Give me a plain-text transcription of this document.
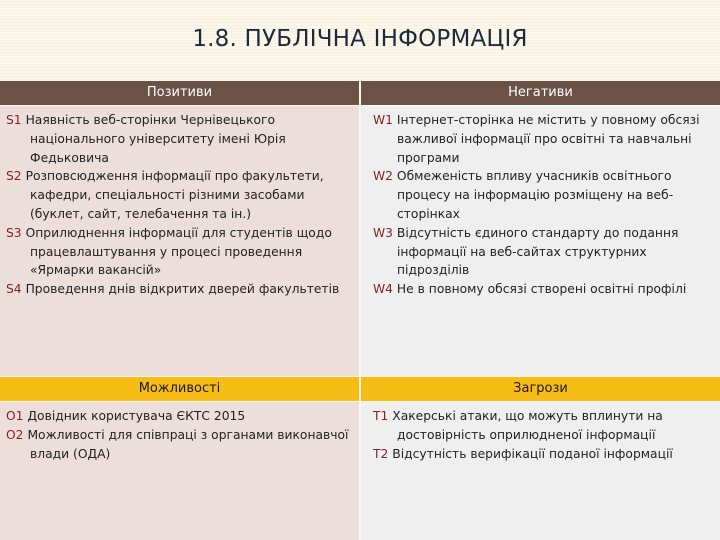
1.8. ПУБЛІЧНА ІНФОРМАЦІЯ
Позитиви	Негативи
S1 Наявність веб-сторінки Чернівецького національного університету імені Юрія Федьковича
S2 Розповсюдження інформації про факультети, кафедри, спеціальності різними засобами (буклет, сайт, телебачення та ін.)
S3 Оприлюднення інформації для студентів щодо працевлаштування у процесі проведення «Ярмарки вакансій»
S4 Проведення днів відкритих дверей факультетів
W1 Інтернет-сторінка не містить у повному обсязі важливої інформації про освітні та навчальні програми
W2 Обмеженість впливу учасників освітнього процесу на інформацію розміщену на веб-сторінках
W3 Відсутність єдиного стандарту до подання інформації на веб-сайтах структурних підрозділів
W4 Не в повному обсязі створені освітні профілі
Можливості	Загрози
O1 Довідник користувача ЄКТС 2015
O2 Можливості для співпраці з органами виконавчої влади (ОДА)
T1 Хакерські атаки, що можуть вплинути на достовірність оприлюдненої інформації
T2 Відсутність верифікації поданої інформації
